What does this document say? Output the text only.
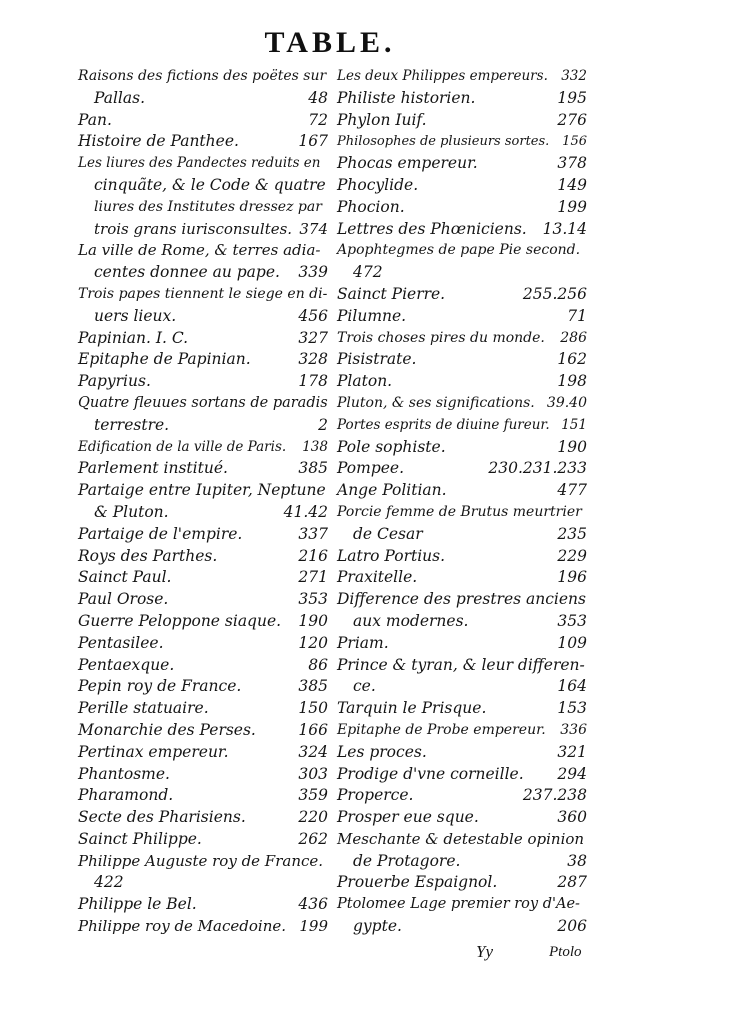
TABLE.
Raisons des fictions des poëtes sur
Pallas.	48
Pan.	72
Histoire de Panthee.	167
Les liures des Pandectes reduits en
cinquãte, & le Code & quatre
liures des Institutes dressez par
trois grans iurisconsultes. 374
La ville de Rome, & terres adia-
centes donnee au pape. 339
Trois papes tiennent le siege en di-
uers lieux.	456
Papinian. I. C.	327
Epitaphe de Papinian.	328
Papyrius.	178
Quatre fleuues sortans de paradis
terrestre.	2
Edification de la ville de Paris. 138
Parlement institué.	385
Partaige entre Iupiter, Neptune
& Pluton.	41.42
Partaige de l'empire.	337
Roys des Parthes.	216
Sainct Paul.	271
Paul Orose.	353
Guerre Peloppone siaque. 190
Pentasilee.	120
Pentaexque.	86
Pepin roy de France.	385
Perille statuaire.	150
Monarchie des Perses.	166
Pertinax empereur.	324
Phantosme.	303
Pharamond.	359
Secte des Pharisiens.	220
Sainct Philippe.	262
Philippe Auguste roy de France.
422
Philippe le Bel.	436
Philippe roy de Macedoine. 199
Les deux Philippes empereurs. 332
Philiste historien.	195
Phylon Iuif.	276
Philosophes de plusieurs sortes. 156
Phocas empereur.	378
Phocylide.	149
Phocion.	199
Lettres des Phœniciens. 13.14
Apophtegmes de pape Pie second.
472
Sainct Pierre.	255.256
Pilumne.	71
Trois choses pires du monde. 286
Pisistrate.	162
Platon.	198
Pluton, & ses significations. 39.40
Portes esprits de diuine fureur. 151
Pole sophiste.	190
Pompee.	230.231.233
Ange Politian.	477
Porcie femme de Brutus meurtrier
de Cesar	235
Latro Portius.	229
Praxitelle.	196
Difference des prestres anciens
aux modernes.	353
Priam.	109
Prince & tyran, & leur differen-
ce.	164
Tarquin le Prisque.	153
Epitaphe de Probe empereur. 336
Les proces.	321
Prodige d'vne corneille. 294
Properce.	237.238
Prosper eue sque.	360
Meschante & detestable opinion
de Protagore.	38
Prouerbe Espaignol.	287
Ptolomee Lage premier roy d'Ae-
gypte.	206
Yy	Ptolo
